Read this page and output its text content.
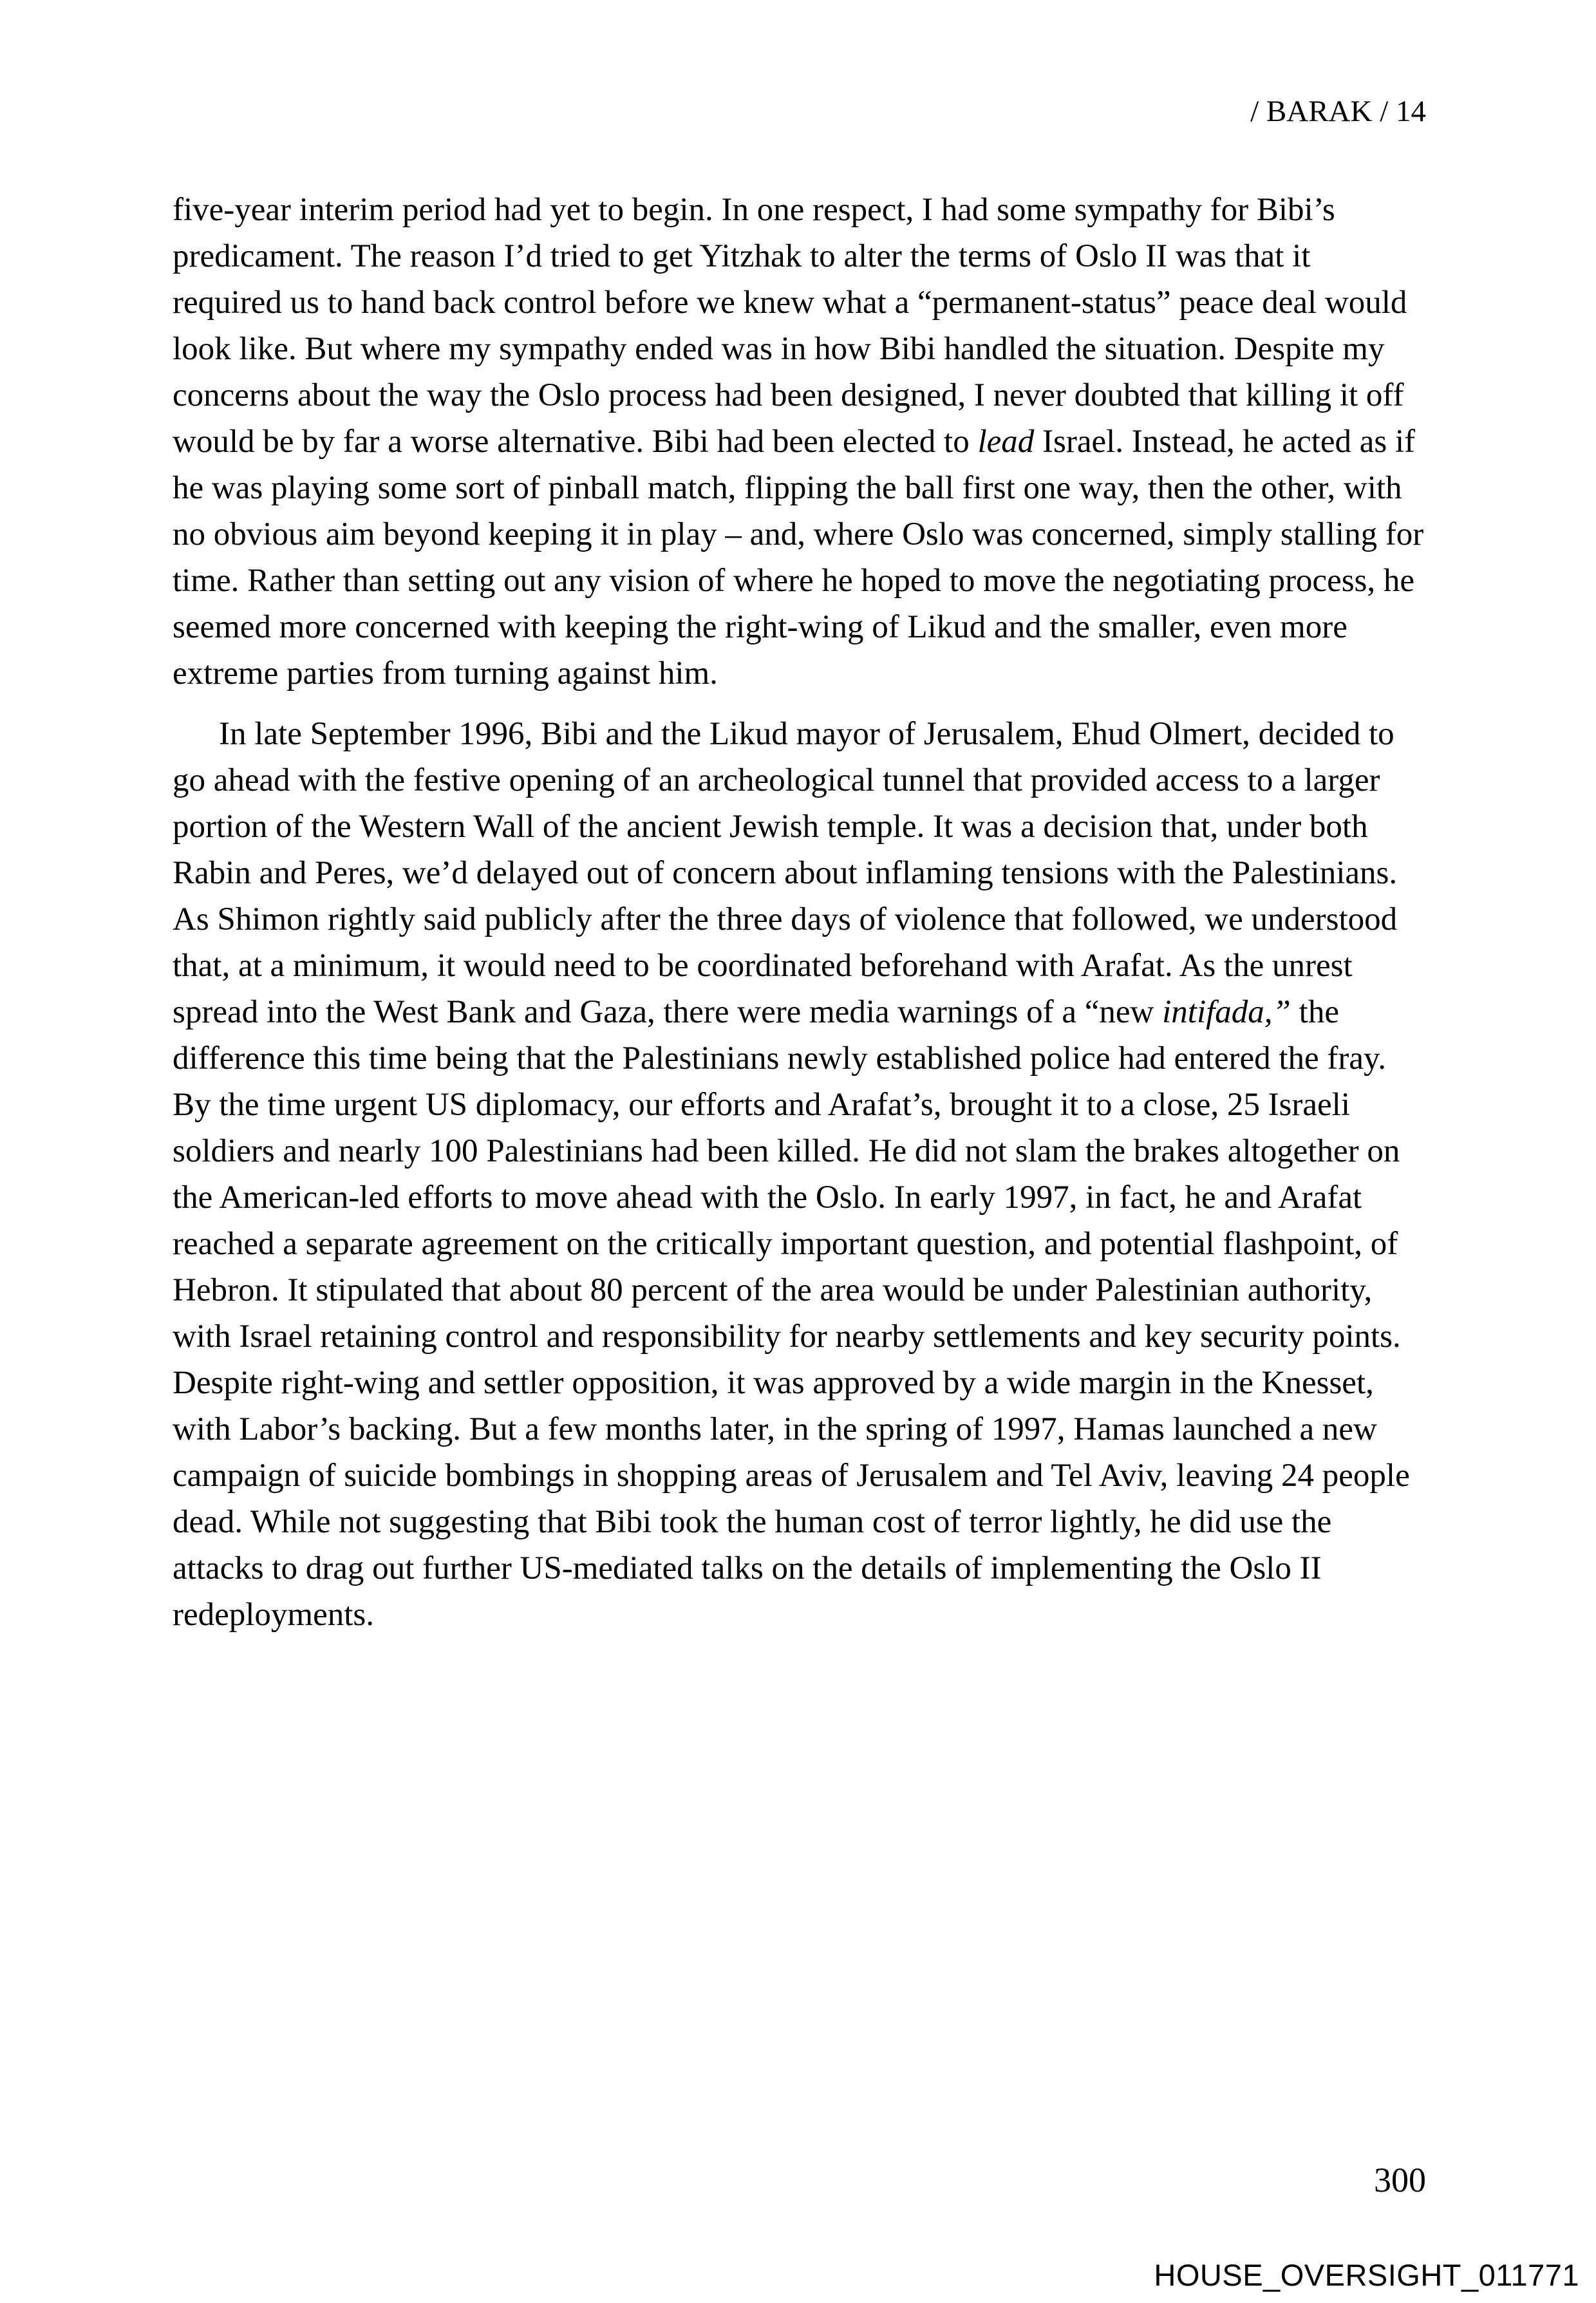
/ BARAK / 14

five-year interim period had yet to begin. In one respect, I had some sympathy for Bibi’s predicament. The reason I’d tried to get Yitzhak to alter the terms of Oslo II was that it required us to hand back control before we knew what a “permanent-status” peace deal would look like. But where my sympathy ended was in how Bibi handled the situation. Despite my concerns about the way the Oslo process had been designed, I never doubted that killing it off would be by far a worse alternative. Bibi had been elected to lead Israel. Instead, he acted as if he was playing some sort of pinball match, flipping the ball first one way, then the other, with no obvious aim beyond keeping it in play – and, where Oslo was concerned, simply stalling for time. Rather than setting out any vision of where he hoped to move the negotiating process, he seemed more concerned with keeping the right-wing of Likud and the smaller, even more extreme parties from turning against him.

In late September 1996, Bibi and the Likud mayor of Jerusalem, Ehud Olmert, decided to go ahead with the festive opening of an archeological tunnel that provided access to a larger portion of the Western Wall of the ancient Jewish temple. It was a decision that, under both Rabin and Peres, we’d delayed out of concern about inflaming tensions with the Palestinians. As Shimon rightly said publicly after the three days of violence that followed, we understood that, at a minimum, it would need to be coordinated beforehand with Arafat. As the unrest spread into the West Bank and Gaza, there were media warnings of a “new intifada,” the difference this time being that the Palestinians newly established police had entered the fray. By the time urgent US diplomacy, our efforts and Arafat’s, brought it to a close, 25 Israeli soldiers and nearly 100 Palestinians had been killed. He did not slam the brakes altogether on the American-led efforts to move ahead with the Oslo. In early 1997, in fact, he and Arafat reached a separate agreement on the critically important question, and potential flashpoint, of Hebron. It stipulated that about 80 percent of the area would be under Palestinian authority, with Israel retaining control and responsibility for nearby settlements and key security points. Despite right-wing and settler opposition, it was approved by a wide margin in the Knesset, with Labor’s backing. But a few months later, in the spring of 1997, Hamas launched a new campaign of suicide bombings in shopping areas of Jerusalem and Tel Aviv, leaving 24 people dead. While not suggesting that Bibi took the human cost of terror lightly, he did use the attacks to drag out further US-mediated talks on the details of implementing the Oslo II redeployments.

300
HOUSE_OVERSIGHT_011771
